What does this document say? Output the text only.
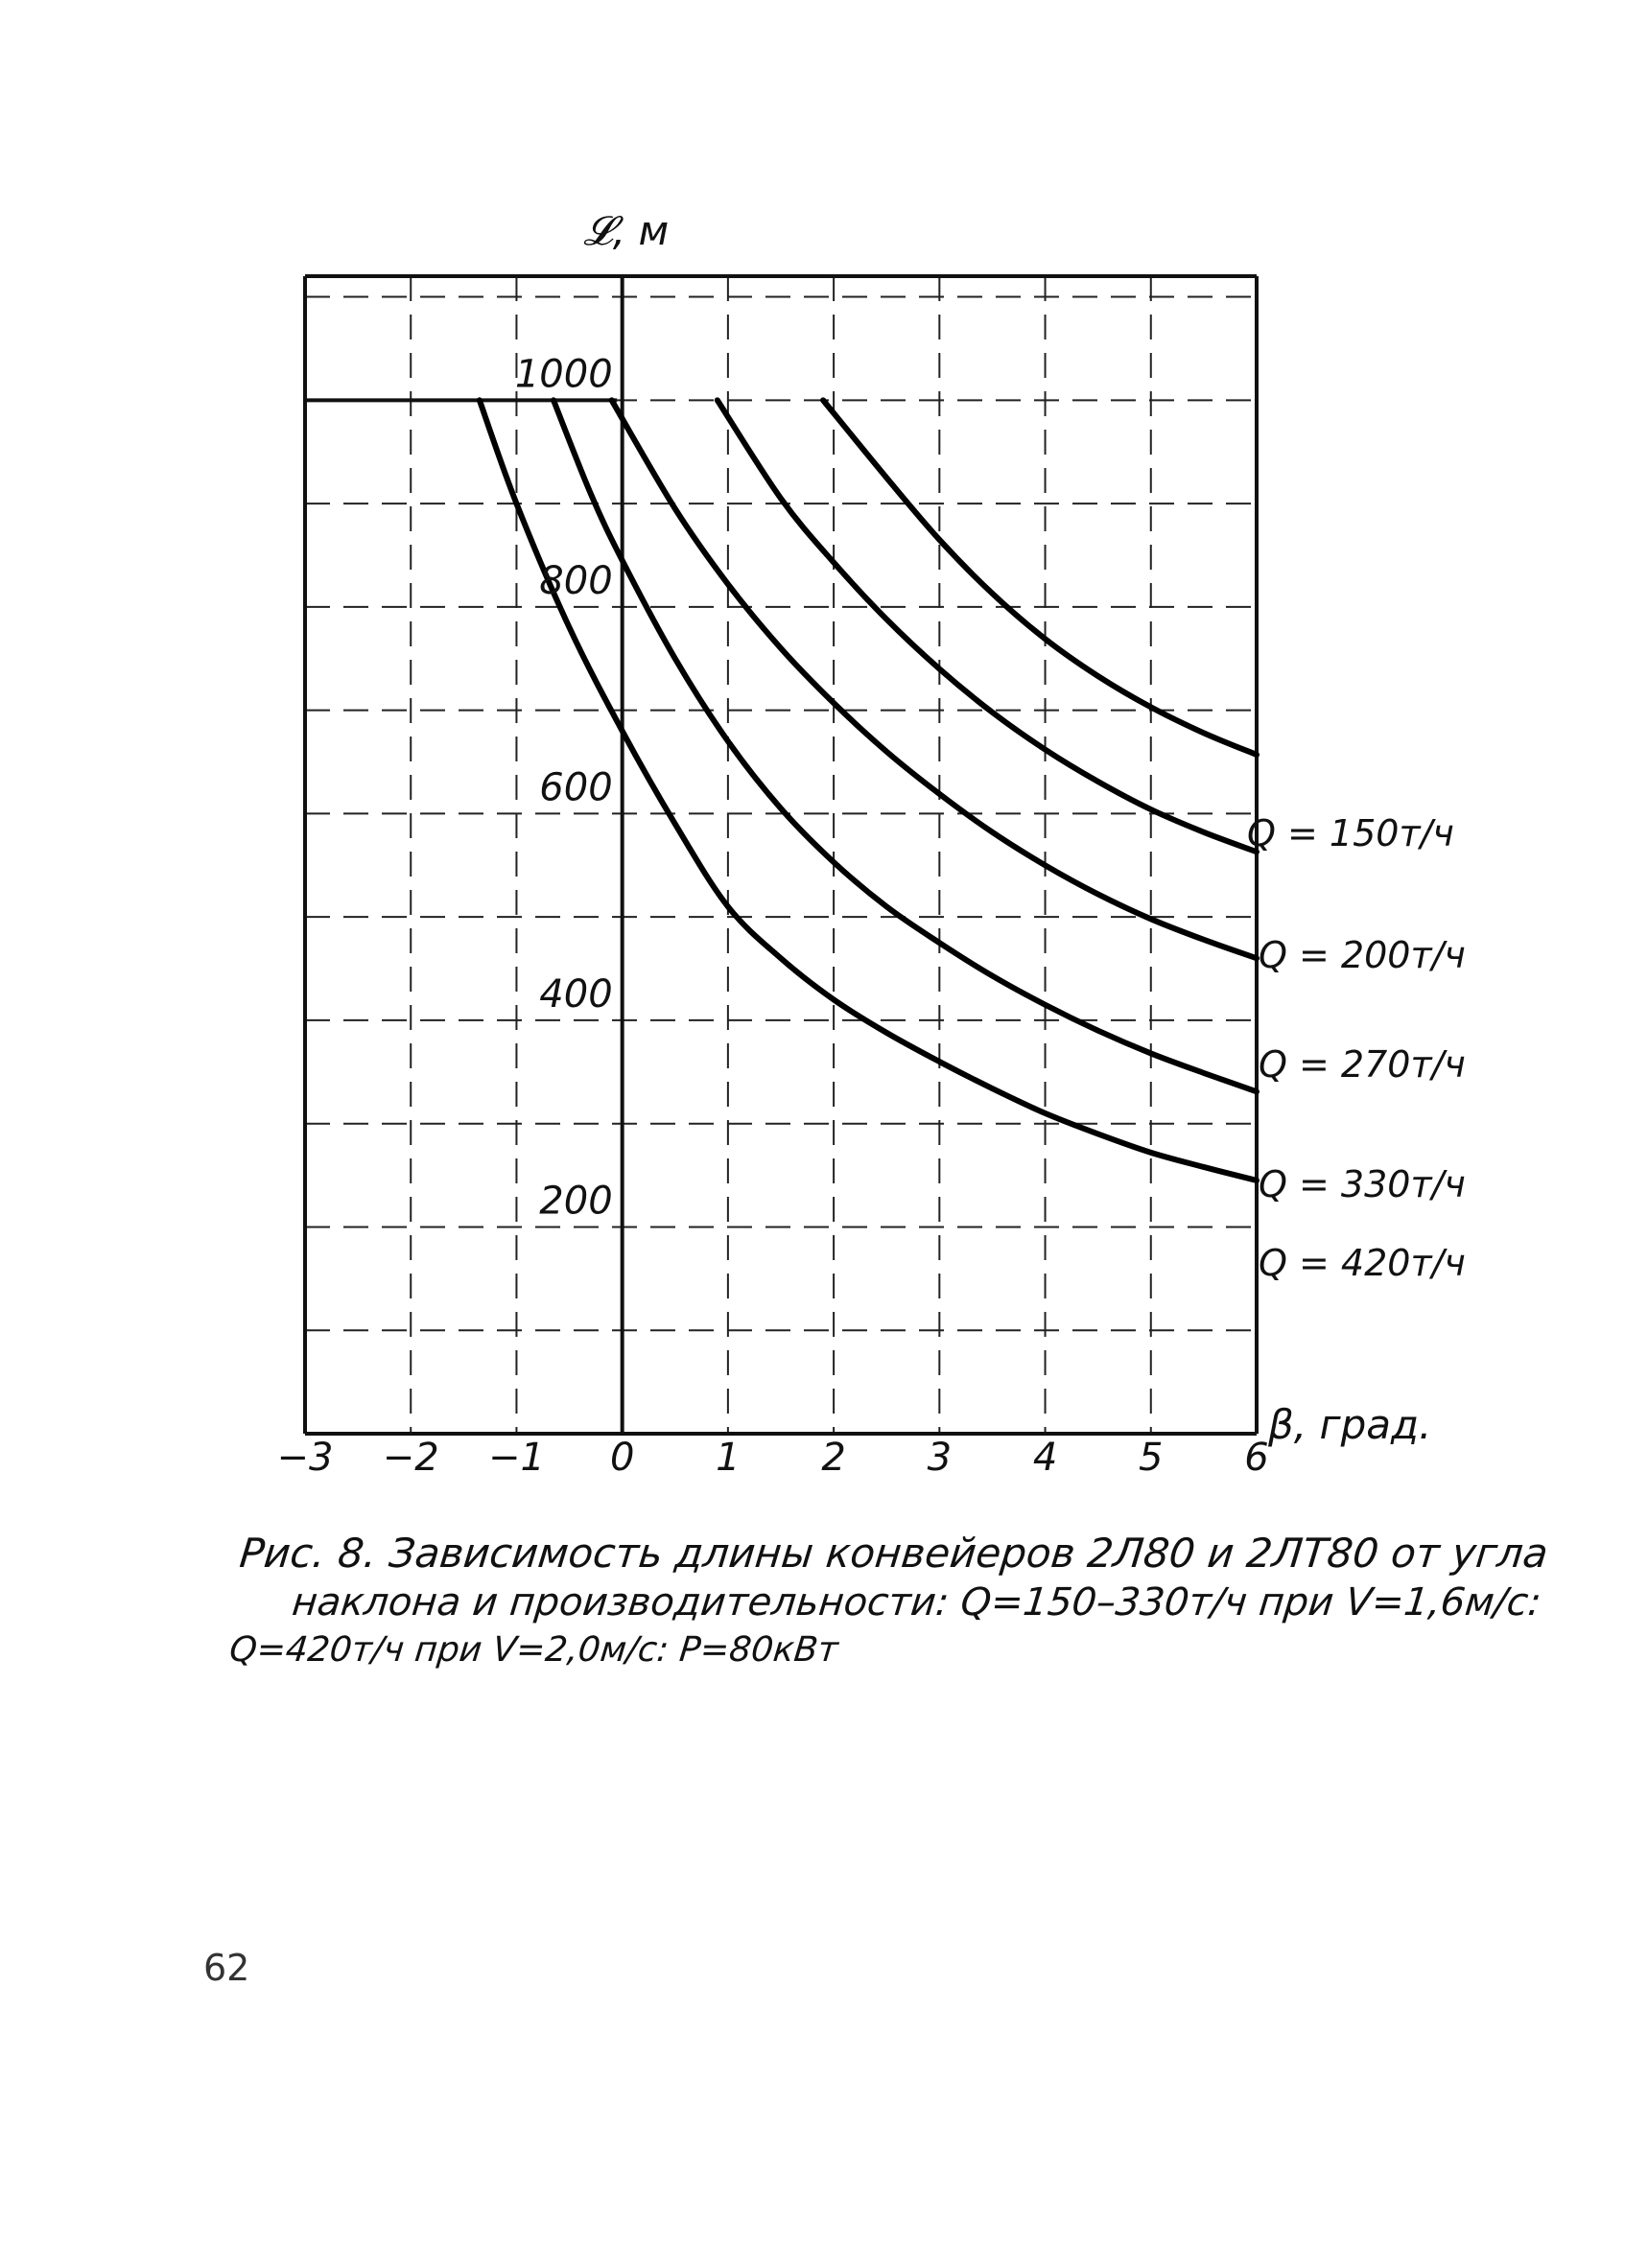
Q = 150т/ч
Q = 200т/ч
Q = 270т/ч
Q = 330т/ч
Q = 420т/ч
−3 −2 −1 0 1 2 3 4 5 6
1000
800
600
400
200
𝓛, м
β, град.
Рис. 8. Зависимость длины конвейеров 2Л80 и 2ЛТ80 от угла
наклона и производительности: Q=150–330т/ч при V=1,6м/с:
Q=420т/ч при V=2,0м/с: P=80кВт
62
